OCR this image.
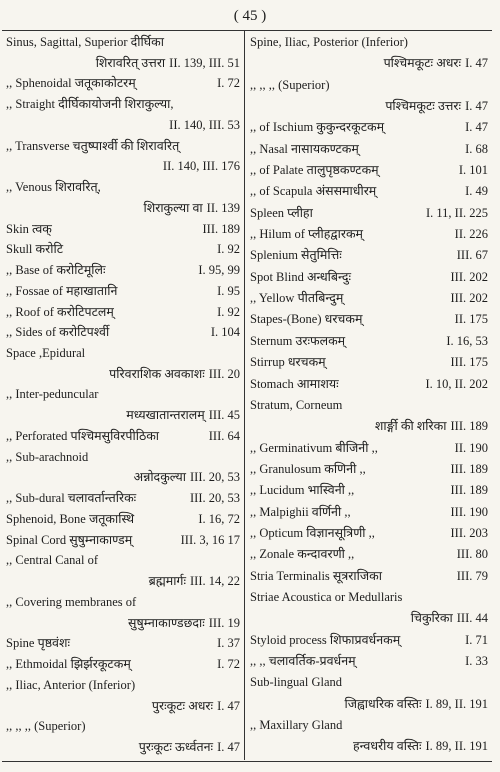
( 45 )
Sinus, Sagittal, Superior दीर्घिका
शिरावरित् उत्तरा II. 139, III. 51
,, Sphenoidal जतूकाकोटरम्	I. 72
,, Straight दीर्घिकायोजनी शिराकुल्या,
II. 140, III. 53
,, Transverse चतुष्पार्श्वी की शिरावरित्
II. 140, III. 176
,, Venous शिरावरित्,
शिराकुल्या वा II. 139
Skin त्वक्	III. 189
Skull करोटि	I. 92
,, Base of करोटिमूलिः	I. 95, 99
,, Fossae of महाखातानि	I. 95
,, Roof of करोटिपटलम्	I. 92
,, Sides of करोटिपर्श्वी	I. 104
Space ,Epidural
परिवराशिक अवकाशः III. 20
,, Inter-peduncular
मध्यखातान्तरालम् III. 45
,, Perforated पश्चिमसुविरपीठिका	III. 64
,, Sub-arachnoid
अन्नोदकुल्या III. 20, 53
,, Sub-dural चलावर्तान्तरिकः	III. 20, 53
Sphenoid, Bone जतूकास्थि	I. 16, 72
Spinal Cord सुषुम्नाकाण्डम्	III. 3, 16 17
,, Central Canal of
ब्रह्ममार्गः III. 14, 22
,, Covering membranes of
सुषुम्नाकाण्डछदाः III. 19
Spine पृष्ठवंशः	I. 37
,, Ethmoidal झिर्झरकूटकम्	I. 72
,, Iliac, Anterior (Inferior)
पुरःकूटः अधरः I. 47
,, ,, ,, (Superior)
पुरःकूटः ऊर्ध्वतनः I. 47
Spine, Iliac, Posterior (Inferior)
पश्चिमकूटः अधरः I. 47
,, ,, ,, (Superior)
पश्चिमकूटः उत्तरः I. 47
,, of Ischium कुकुन्दरकूटकम्	I. 47
,, Nasal नासायकण्टकम्	I. 68
,, of Palate तालुपृष्ठकण्टकम्	I. 101
,, of Scapula अंससमाधीरम्	I. 49
Spleen प्लीहा	I. 11, II. 225
,, Hilum of प्लीहद्वारकम्	II. 226
Splenium सेतुमित्तिः	III. 67
Spot Blind अन्धबिन्दुः	III. 202
,, Yellow पीतबिन्दुम्	III. 202
Stapes-(Bone) धरचकम्	II. 175
Sternum उरःफलकम्	I. 16, 53
Stirrup धरचकम्	III. 175
Stomach आमाशयः	I. 10, II. 202
Stratum, Corneum
शार्ङ्गी की शरिका III. 189
,, Germinativum बीजिनी ,,	II. 190
,, Granulosum कणिनी ,,	III. 189
,, Lucidum भास्विनी ,,	III. 189
,, Malpighii वर्णिनी ,,	III. 190
,, Opticum विज्ञानसूत्रिणी ,,	III. 203
,, Zonale कन्दावरणी ,,	III. 80
Stria Terminalis सूत्रराजिका	III. 79
Striae Acoustica or Medullaris
चिकुरिका III. 44
Styloid process शिफाप्रवर्धनकम्	I. 71
,, ,, चलावर्तिक-प्रवर्धनम्	I. 33
Sub-lingual Gland
जिह्वाधरिक वस्तिः I. 89, II. 191
,, Maxillary Gland
हन्वधरीय वस्तिः I. 89, II. 191
